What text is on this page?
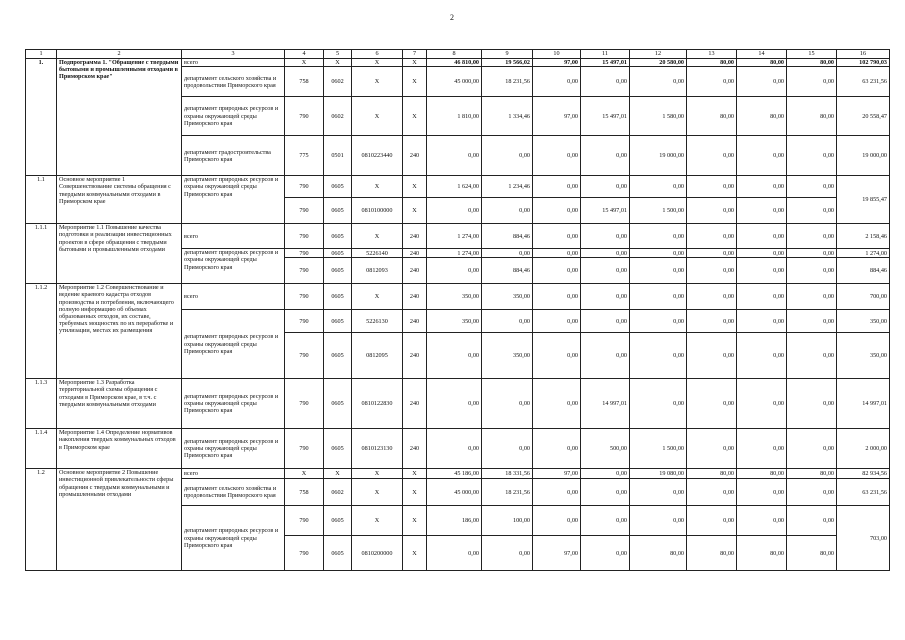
2
1	2	3	4	5	6	7	8	9	10	11	12	13	14	15	16
1.	Подпрограмма 1. "Обращение с твердыми бытовыми и промышленными отходами в Приморском крае"	всего	X	X	X	X	46 810,00	19 566,02	97,00	15 497,01	20 580,00	80,00	80,00	80,00	102 790,03
		департамент сельского хозяйства и продовольствия Приморского края	758	0602	X	X	45 000,00	18 231,56	0,00	0,00	0,00	0,00	0,00	0,00	63 231,56
		департамент природных ресурсов и охраны окружающей среды Приморского края	790	0602	X	X	1 810,00	1 334,46	97,00	15 497,01	1 580,00	80,00	80,00	80,00	20 558,47
		департамент градостроительства Приморского края	775	0501	0810223440	240	0,00	0,00	0,00	0,00	19 000,00	0,00	0,00	0,00	19 000,00
1.1	Основное мероприятие 1 Совершенствование системы обращения с твердыми коммунальными отходами в Приморском крае	департамент природных ресурсов и охраны окружающей среды Приморского края	790	0605	X	X	1 624,00	1 234,46	0,00	0,00	0,00	0,00	0,00	0,00	19 855,47
			790	0605	0810100000	X	0,00	0,00	0,00	15 497,01	1 500,00	0,00	0,00	0,00	
1.1.1	Мероприятие 1.1 Повышение качества подготовки и реализации инвестиционных проектов в сфере обращения с твердыми бытовыми и промышленными отходами	всего	790	0605	X	240	1 274,00	884,46	0,00	0,00	0,00	0,00	0,00	0,00	2 158,46
		департамент природных ресурсов и охраны окружающей среды Приморского края	790	0605	5226140	240	1 274,00	0,00	0,00	0,00	0,00	0,00	0,00	0,00	1 274,00
			790	0605	0812093	240	0,00	884,46	0,00	0,00	0,00	0,00	0,00	0,00	884,46
1.1.2	Мероприятие 1.2 Совершенствование и ведение краевого кадастра отходов производства и потребления, включающего полную информацию об объемах образованных отходов, их составе, требуемых мощностях по их переработке и утилизации, местах их размещения	всего	790	0605	X	240	350,00	350,00	0,00	0,00	0,00	0,00	0,00	0,00	700,00
		департамент природных ресурсов и охраны окружающей среды Приморского края	790	0605	5226130	240	350,00	0,00	0,00	0,00	0,00	0,00	0,00	0,00	350,00
			790	0605	0812095	240	0,00	350,00	0,00	0,00	0,00	0,00	0,00	0,00	350,00
1.1.3	Мероприятие 1.3 Разработка территориальной схемы обращения с отходами в Приморском крае, в т.ч. с твердыми коммунальными отходами	департамент природных ресурсов и охраны окружающей среды Приморского края	790	0605	0810122830	240	0,00	0,00	0,00	14 997,01	0,00	0,00	0,00	0,00	14 997,01
1.1.4	Мероприятие 1.4 Определение нормативов накопления твердых коммунальных отходов в Приморском крае	департамент природных ресурсов и охраны окружающей среды Приморского края	790	0605	0810123130	240	0,00	0,00	0,00	500,00	1 500,00	0,00	0,00	0,00	2 000,00
1.2	Основное мероприятие 2 Повышение инвестиционной привлекательности сферы обращения с твердыми коммунальными и промышленными отходами	всего	X	X	X	X	45 186,00	18 331,56	97,00	0,00	19 080,00	80,00	80,00	80,00	82 934,56
		департамент сельского хозяйства и продовольствия Приморского края	758	0602	X	X	45 000,00	18 231,56	0,00	0,00	0,00	0,00	0,00	0,00	63 231,56
		департамент природных ресурсов и охраны окружающей среды Приморского края	790	0605	X	X	186,00	100,00	0,00	0,00	0,00	0,00	0,00	0,00	703,00
			790	0605	0810200000	X	0,00	0,00	97,00	0,00	80,00	80,00	80,00	80,00	
